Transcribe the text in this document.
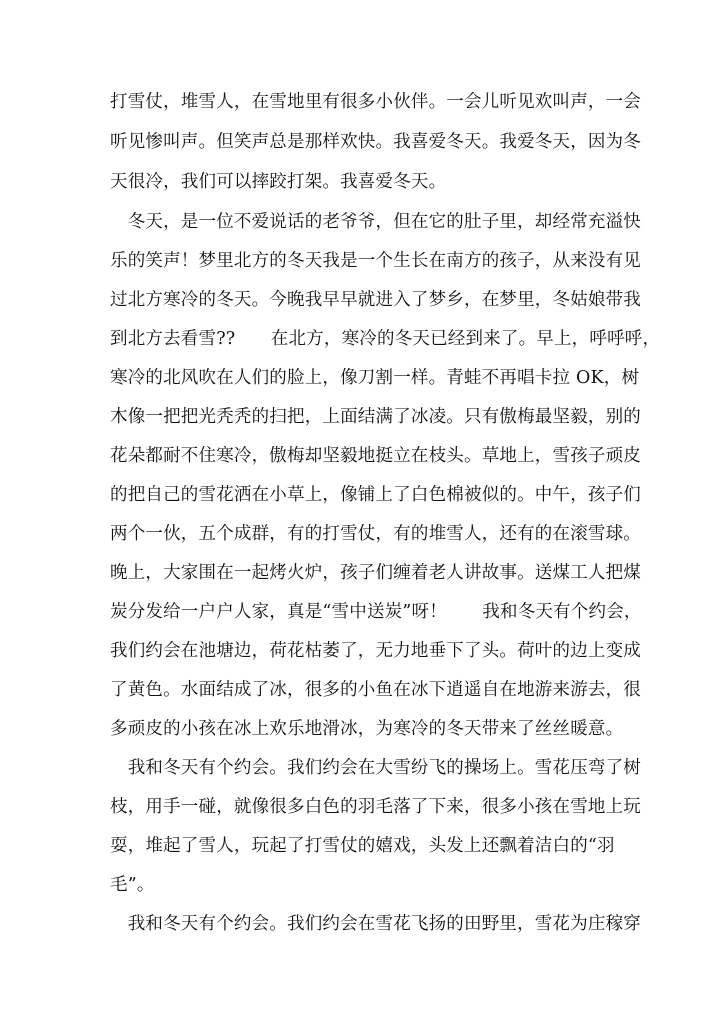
打雪仗，堆雪人，在雪地里有很多小伙伴。一会儿听见欢叫声，一会
听见惨叫声。但笑声总是那样欢快。我喜爱冬天。我爱冬天，因为冬
天很冷，我们可以摔跤打架。我喜爱冬天。
　冬天，是一位不爱说话的老爷爷，但在它的肚子里，却经常充溢快
乐的笑声！梦里北方的冬天我是一个生长在南方的孩子，从来没有见
过北方寒冷的冬天。今晚我早早就进入了梦乡，在梦里，冬姑娘带我
到北方去看雪??　　在北方，寒冷的冬天已经到来了。早上，呼呼呼，
寒冷的北风吹在人们的脸上，像刀割一样。青蛙不再唱卡拉 OK，树
木像一把把光秃秃的扫把，上面结满了冰凌。只有傲梅最坚毅，别的
花朵都耐不住寒冷，傲梅却坚毅地挺立在枝头。草地上，雪孩子顽皮
的把自己的雪花洒在小草上，像铺上了白色棉被似的。中午，孩子们
两个一伙，五个成群，有的打雪仗，有的堆雪人，还有的在滚雪球。
晚上，大家围在一起烤火炉，孩子们缠着老人讲故事。送煤工人把煤
炭分发给一户户人家，真是“雪中送炭”呀！　　我和冬天有个约会，
我们约会在池塘边，荷花枯萎了，无力地垂下了头。荷叶的边上变成
了黄色。水面结成了冰，很多的小鱼在冰下逍遥自在地游来游去，很
多顽皮的小孩在冰上欢乐地滑冰，为寒冷的冬天带来了丝丝暖意。
　我和冬天有个约会。我们约会在大雪纷飞的操场上。雪花压弯了树
枝，用手一碰，就像很多白色的羽毛落了下来，很多小孩在雪地上玩
耍，堆起了雪人，玩起了打雪仗的嬉戏，头发上还飘着洁白的“羽
毛”。
　我和冬天有个约会。我们约会在雪花飞扬的田野里，雪花为庄稼穿
